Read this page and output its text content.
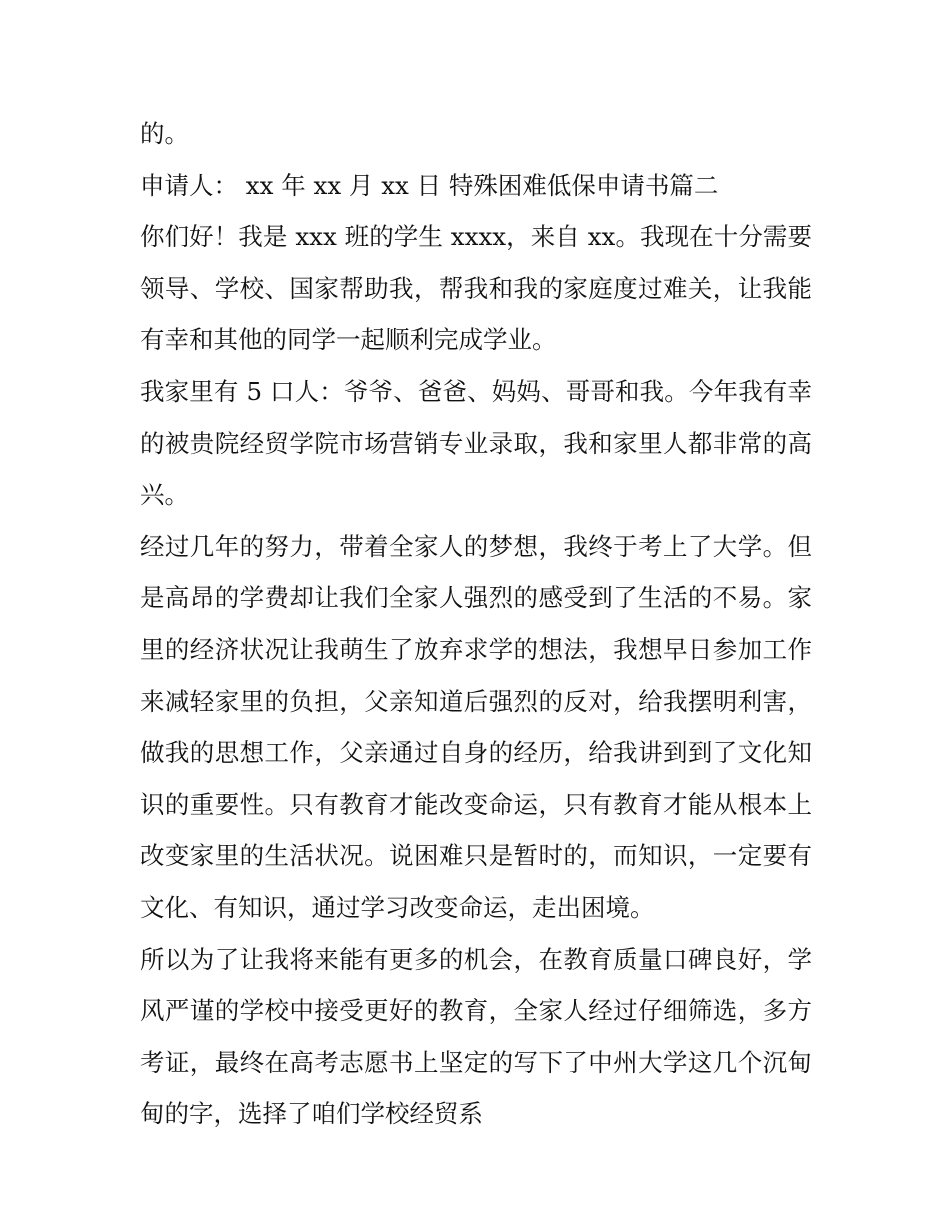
的。
申请人： xx 年 xx 月 xx 日 特殊困难低保申请书篇二
你们好！我是 xxx 班的学生 xxxx，来自 xx。我现在十分需要
领导、学校、国家帮助我，帮我和我的家庭度过难关，让我能
有幸和其他的同学一起顺利完成学业。
我家里有 5 口人：爷爷、爸爸、妈妈、哥哥和我。今年我有幸
的被贵院经贸学院市场营销专业录取，我和家里人都非常的高
兴。
经过几年的努力，带着全家人的梦想，我终于考上了大学。但
是高昂的学费却让我们全家人强烈的感受到了生活的不易。家
里的经济状况让我萌生了放弃求学的想法，我想早日参加工作
来减轻家里的负担，父亲知道后强烈的反对，给我摆明利害，
做我的思想工作，父亲通过自身的经历，给我讲到到了文化知
识的重要性。只有教育才能改变命运，只有教育才能从根本上
改变家里的生活状况。说困难只是暂时的，而知识，一定要有
文化、有知识，通过学习改变命运，走出困境。
所以为了让我将来能有更多的机会，在教育质量口碑良好，学
风严谨的学校中接受更好的教育，全家人经过仔细筛选，多方
考证，最终在高考志愿书上坚定的写下了中州大学这几个沉甸
甸的字，选择了咱们学校经贸系
